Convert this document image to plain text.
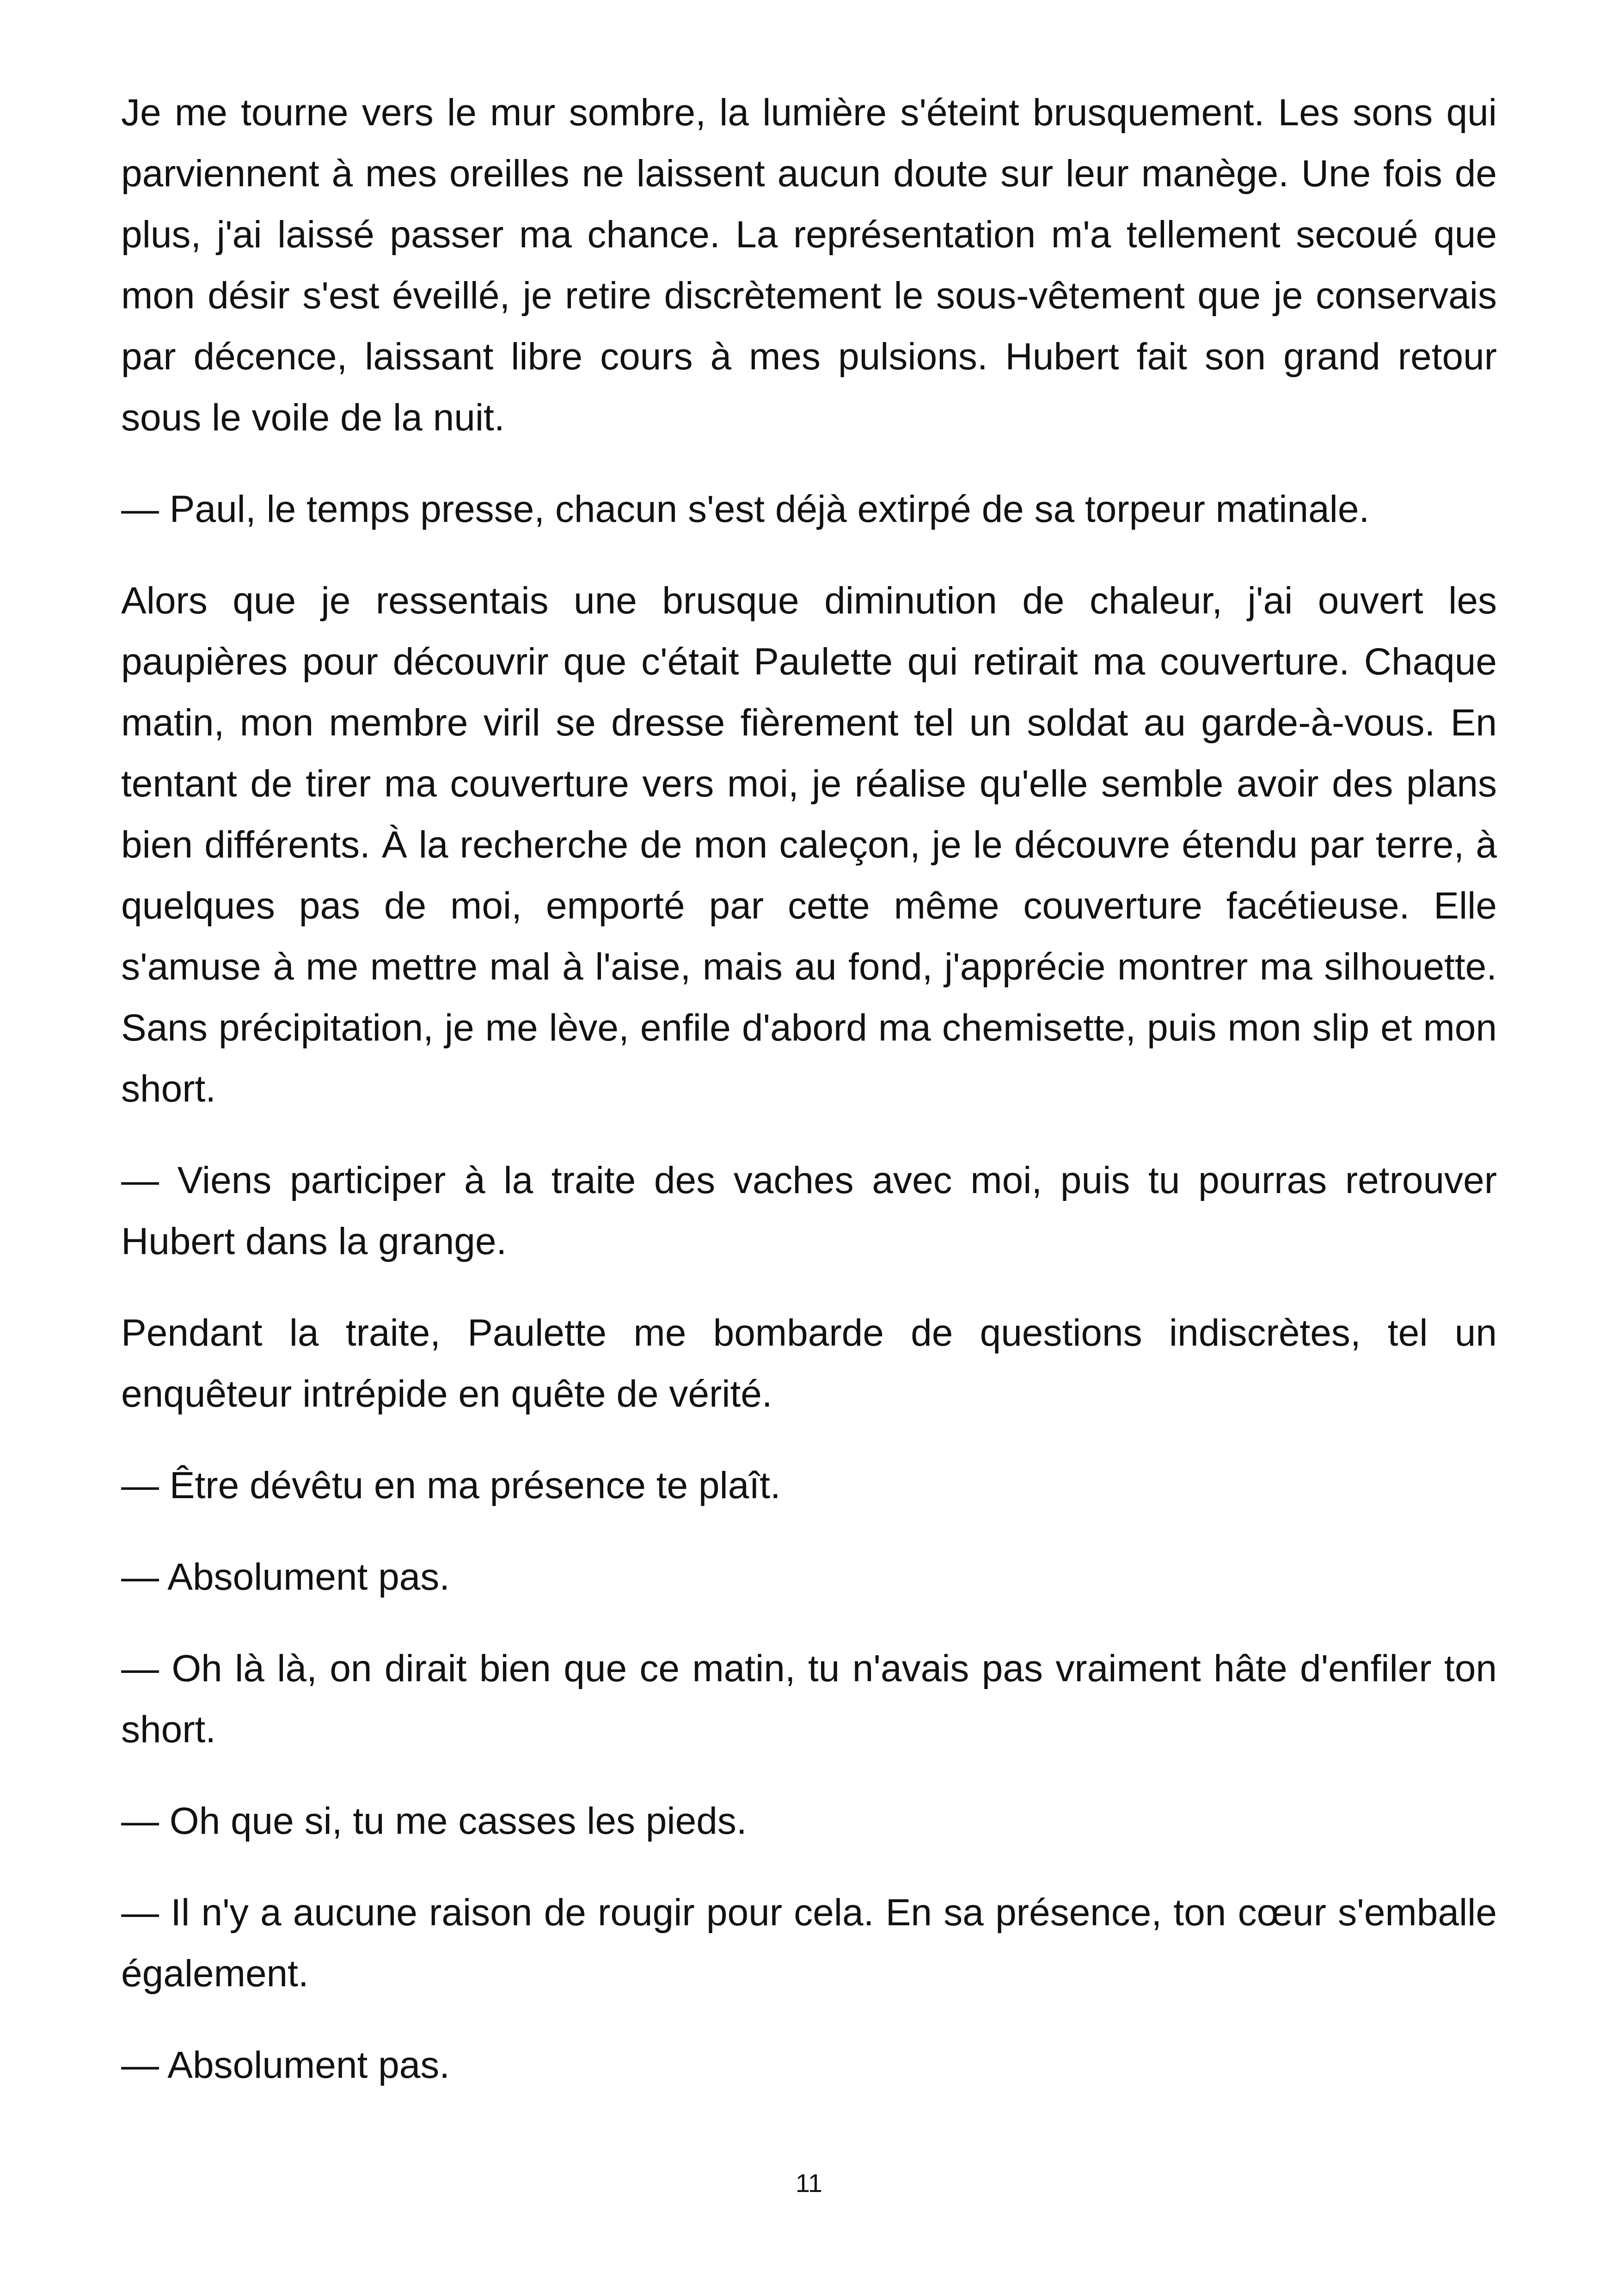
Je me tourne vers le mur sombre, la lumière s'éteint brusquement. Les sons qui parviennent à mes oreilles ne laissent aucun doute sur leur manège. Une fois de plus, j'ai laissé passer ma chance. La représentation m'a tellement secoué que mon désir s'est éveillé, je retire discrètement le sous-vêtement que je conservais par décence, laissant libre cours à mes pulsions. Hubert fait son grand retour sous le voile de la nuit.

— Paul, le temps presse, chacun s'est déjà extirpé de sa torpeur matinale.

Alors que je ressentais une brusque diminution de chaleur, j'ai ouvert les paupières pour découvrir que c'était Paulette qui retirait ma couverture. Chaque matin, mon membre viril se dresse fièrement tel un soldat au garde-à-vous. En tentant de tirer ma couverture vers moi, je réalise qu'elle semble avoir des plans bien différents. À la recherche de mon caleçon, je le découvre étendu par terre, à quelques pas de moi, emporté par cette même couverture facétieuse. Elle s'amuse à me mettre mal à l'aise, mais au fond, j'apprécie montrer ma silhouette. Sans précipitation, je me lève, enfile d'abord ma chemisette, puis mon slip et mon short.

— Viens participer à la traite des vaches avec moi, puis tu pourras retrouver Hubert dans la grange.

Pendant la traite, Paulette me bombarde de questions indiscrètes, tel un enquêteur intrépide en quête de vérité.

— Être dévêtu en ma présence te plaît.

— Absolument pas.

— Oh là là, on dirait bien que ce matin, tu n'avais pas vraiment hâte d'enfiler ton short.

— Oh que si, tu me casses les pieds.

— Il n'y a aucune raison de rougir pour cela. En sa présence, ton cœur s'emballe également.

— Absolument pas.

11
